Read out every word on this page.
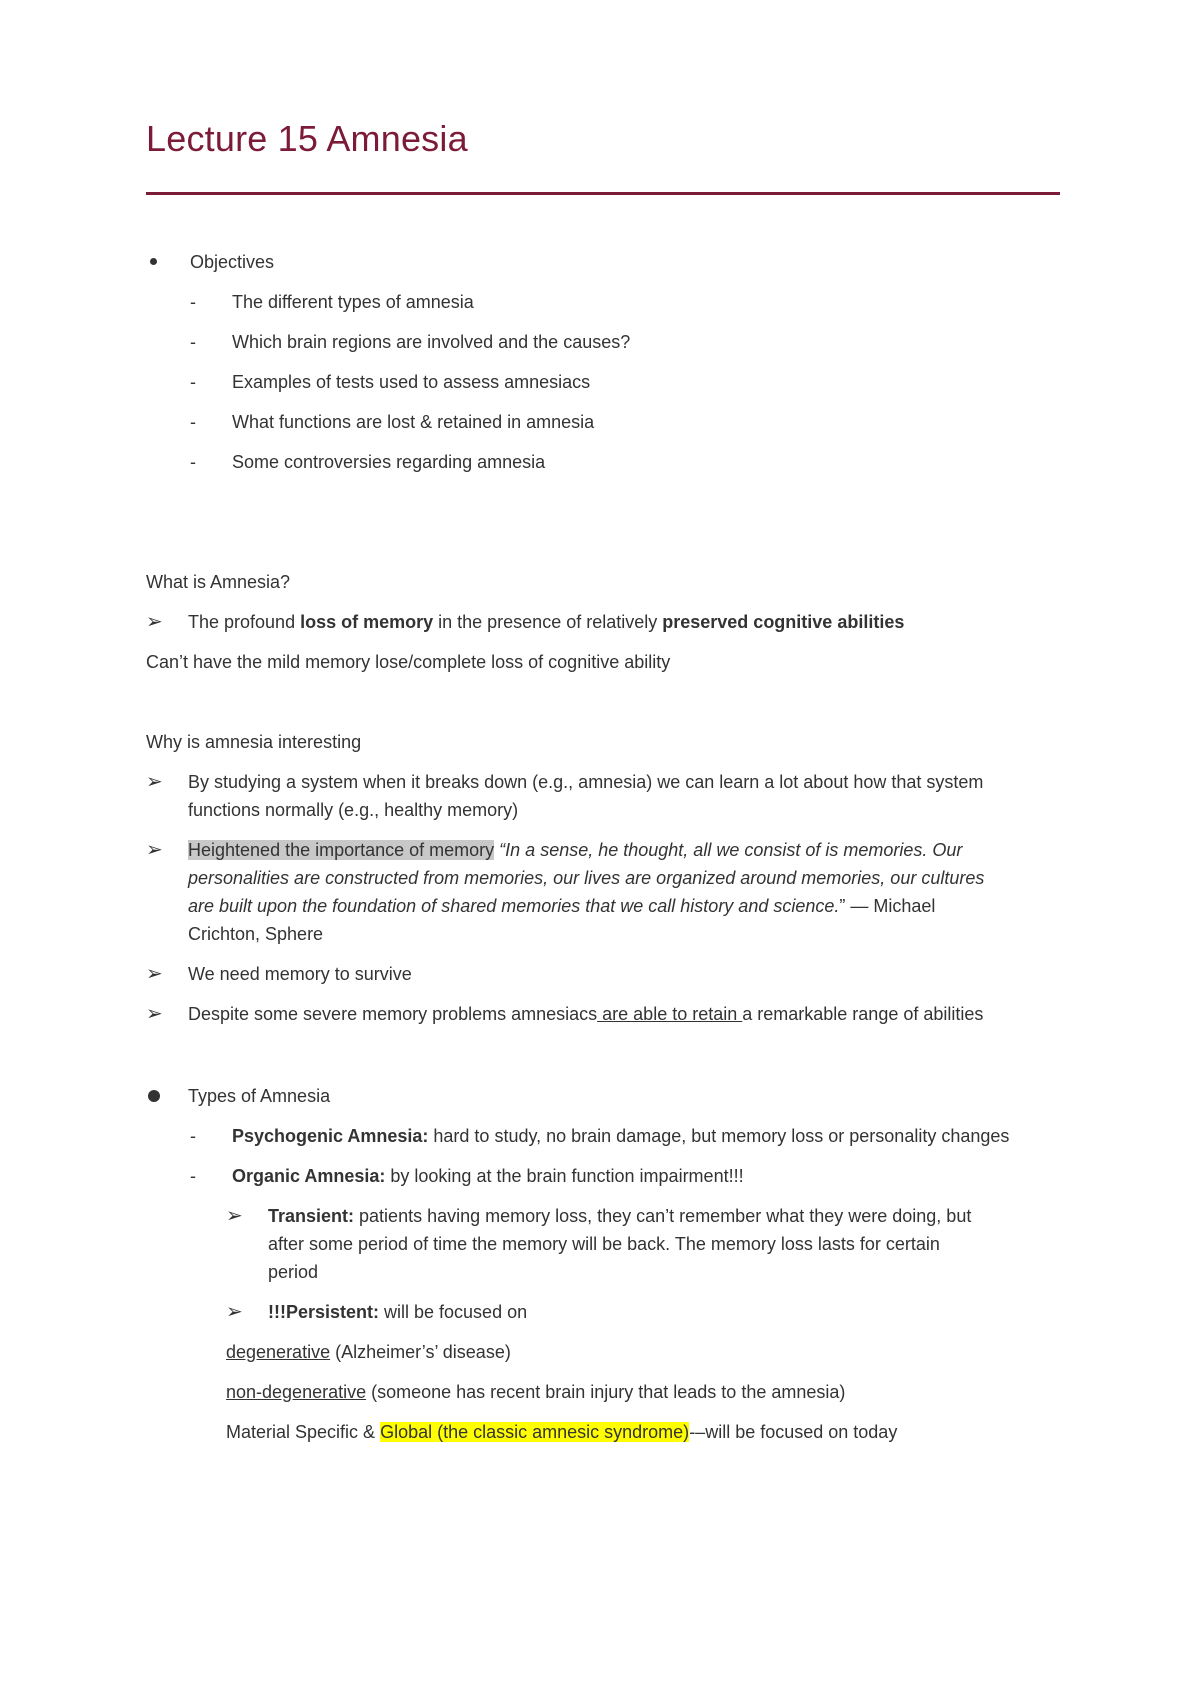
Lecture 15 Amnesia
Objectives
- The different types of amnesia
- Which brain regions are involved and the causes?
- Examples of tests used to assess amnesiacs
- What functions are lost & retained in amnesia
- Some controversies regarding amnesia
What is Amnesia?
➢ The profound loss of memory in the presence of relatively preserved cognitive abilities
Can’t have the mild memory lose/complete loss of cognitive ability
Why is amnesia interesting
➢ By studying a system when it breaks down (e.g., amnesia) we can learn a lot about how that system
functions normally (e.g., healthy memory)
➢ Heightened the importance of memory “In a sense, he thought, all we consist of is memories. Our
personalities are constructed from memories, our lives are organized around memories, our cultures
are built upon the foundation of shared memories that we call history and science.” — Michael
Crichton, Sphere
➢ We need memory to survive
➢ Despite some severe memory problems amnesiacs are able to retain a remarkable range of abilities
Types of Amnesia
- Psychogenic Amnesia: hard to study, no brain damage, but memory loss or personality changes
- Organic Amnesia: by looking at the brain function impairment!!!
➢ Transient: patients having memory loss, they can’t remember what they were doing, but
after some period of time the memory will be back. The memory loss lasts for certain
period
➢ !!!Persistent: will be focused on
degenerative (Alzheimer’s’ disease)
non-degenerative (someone has recent brain injury that leads to the amnesia)
Material Specific & Global (the classic amnesic syndrome)-–will be focused on today
